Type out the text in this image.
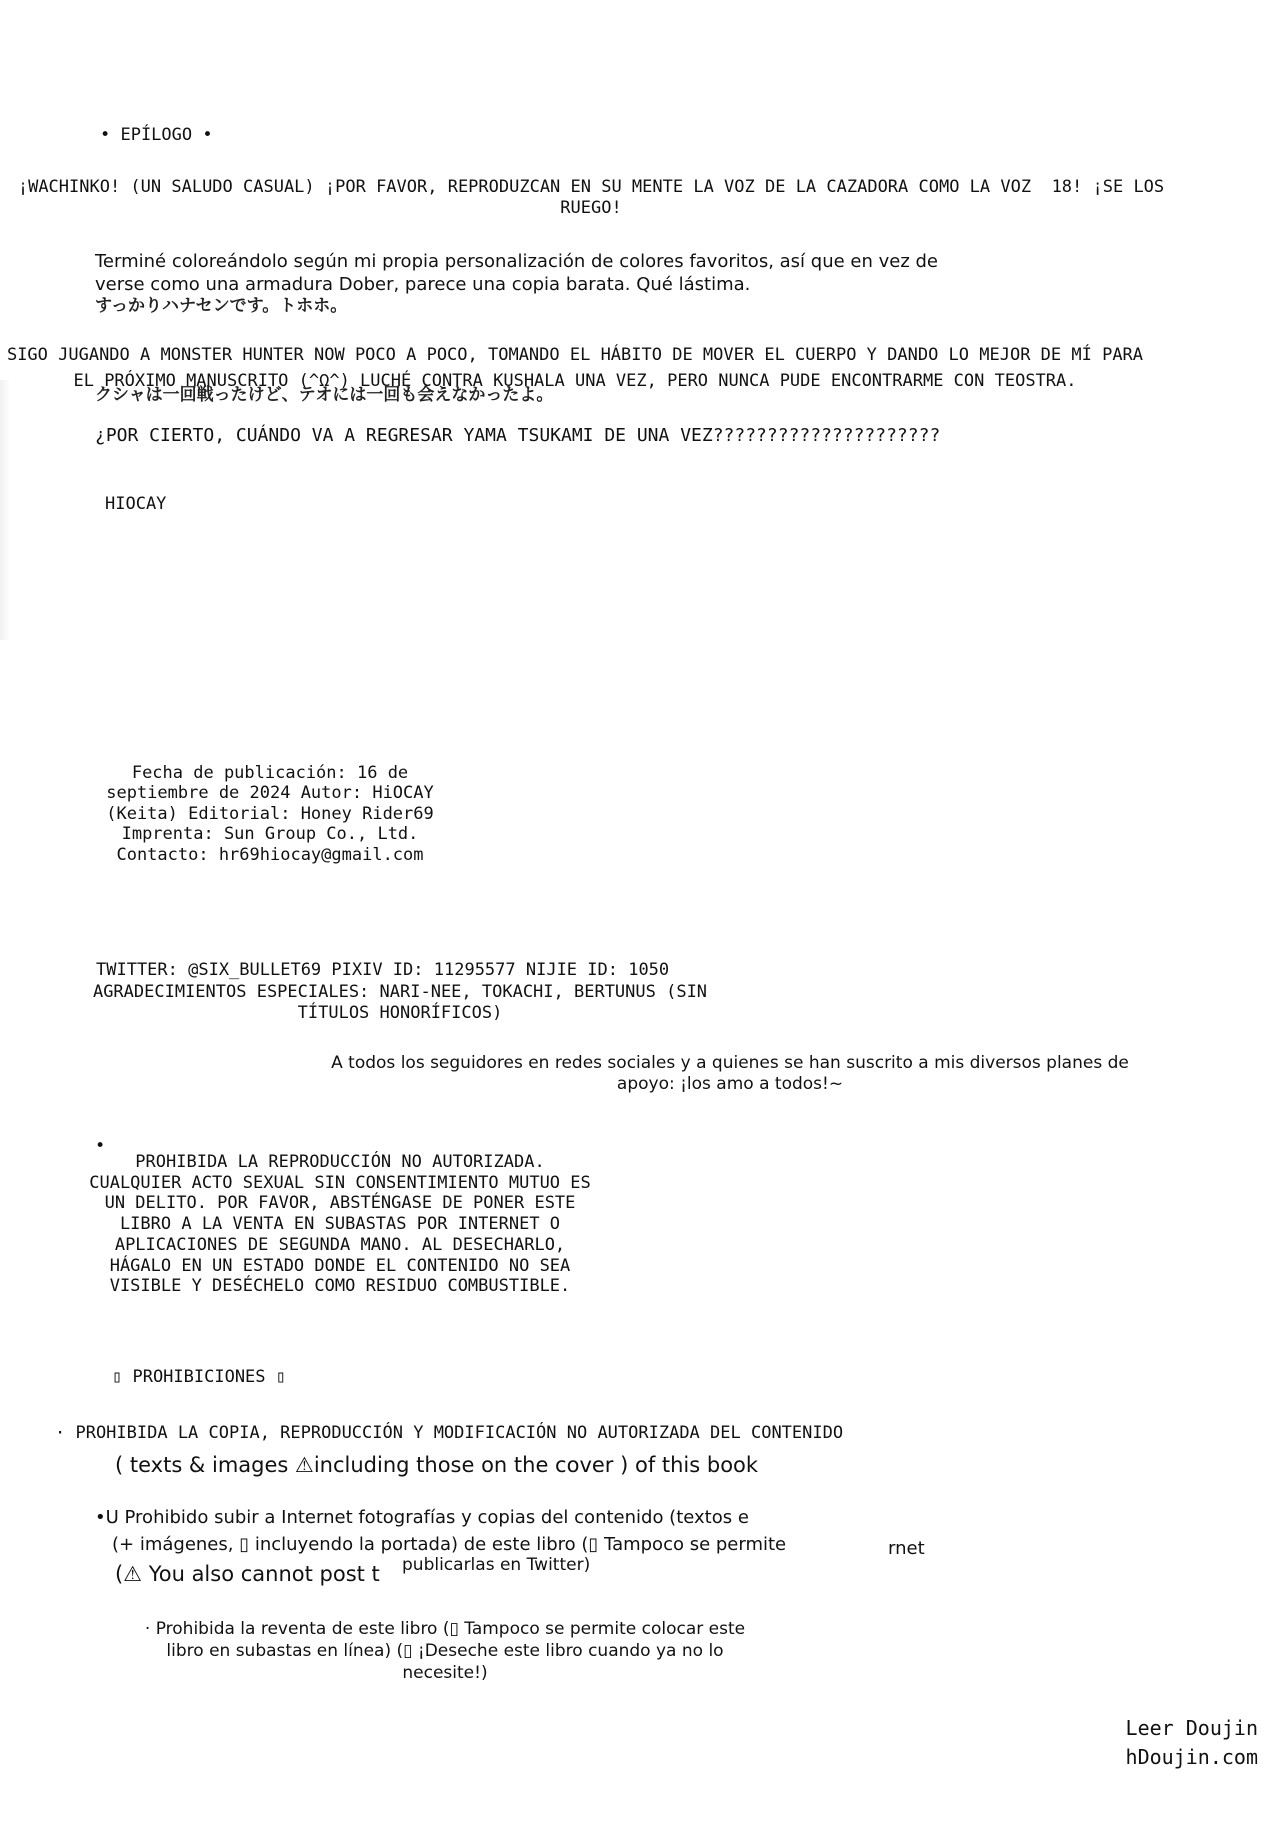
• EPÍLOGO •
¡WACHINKO! (UN SALUDO CASUAL) ¡POR FAVOR, REPRODUZCAN EN SU MENTE LA VOZ DE LA CAZADORA COMO LA VOZ  18! ¡SE LOS RUEGO!
Terminé coloreándolo según mi propia personalización de colores favoritos, así que en vez de verse como una armadura Dober, parece una copia barata. Qué lástima.
すっかりハナセンです。トホホ。
SIGO JUGANDO A MONSTER HUNTER NOW POCO A POCO, TOMANDO EL HÁBITO DE MOVER EL CUERPO Y DANDO LO MEJOR DE MÍ PARA EL PRÓXIMO MANUSCRITO (^Ω^) LUCHÉ CONTRA KUSHALA UNA VEZ, PERO NUNCA PUDE ENCONTRARME CON TEOSTRA.
クシャは一回戦ったけど、テオには一回も会えなかったよ。
¿POR CIERTO, CUÁNDO VA A REGRESAR YAMA TSUKAMI DE UNA VEZ?????????????????????
HIOCAY
Fecha de publicación: 16 de septiembre de 2024 Autor: HiOCAY (Keita) Editorial: Honey Rider69 Imprenta: Sun Group Co., Ltd. Contacto: hr69hiocay@gmail.com
TWITTER: @SIX_BULLET69 PIXIV ID: 11295577 NIJIE ID: 1050
AGRADECIMIENTOS ESPECIALES: NARI-NEE, TOKACHI, BERTUNUS (SIN TÍTULOS HONORÍFICOS)
A todos los seguidores en redes sociales y a quienes se han suscrito a mis diversos planes de apoyo: ¡los amo a todos!~
•
PROHIBIDA LA REPRODUCCIÓN NO AUTORIZADA. CUALQUIER ACTO SEXUAL SIN CONSENTIMIENTO MUTUO ES UN DELITO. POR FAVOR, ABSTÉNGASE DE PONER ESTE LIBRO A LA VENTA EN SUBASTAS POR INTERNET O APLICACIONES DE SEGUNDA MANO. AL DESECHARLO, HÁGALO EN UN ESTADO DONDE EL CONTENIDO NO SEA VISIBLE Y DESÉCHELO COMO RESIDUO COMBUSTIBLE.
▯ PROHIBICIONES ▯
· PROHIBIDA LA COPIA, REPRODUCCIÓN Y MODIFICACIÓN NO AUTORIZADA DEL CONTENIDO
( texts & images ⚠including those on the cover ) of this book
•U Prohibido subir a Internet fotografías y copias del contenido (textos e
(+ imágenes, ▯ incluyendo la portada) de este libro (▯ Tampoco se permite	rnet
(⚠ You also cannot post t publicarlas en Twitter)
· Prohibida la reventa de este libro (▯ Tampoco se permite colocar este libro en subastas en línea) (▯ ¡Deseche este libro cuando ya no lo necesite!)
Leer Doujin
hDoujin.com
